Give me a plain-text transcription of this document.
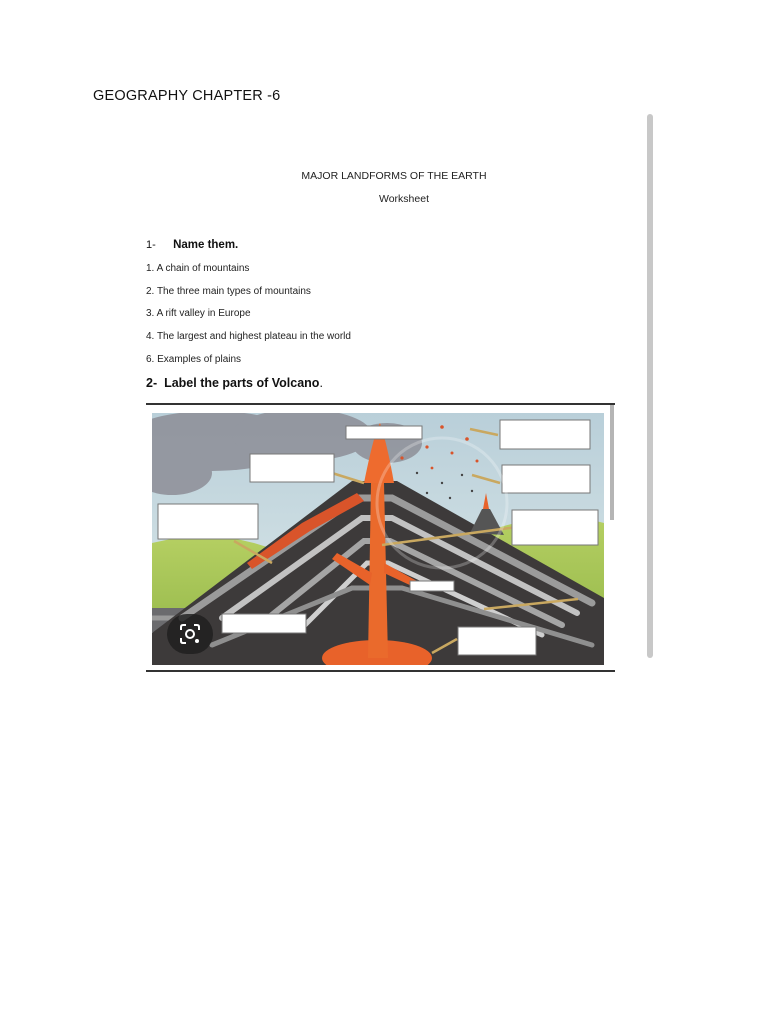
GEOGRAPHY CHAPTER -6
MAJOR LANDFORMS OF THE EARTH
Worksheet
1- Name them.
1. A chain of mountains
2. The three main types of mountains
3. A rift valley in Europe
4. The largest and highest plateau in the world
6. Examples of plains
2- Label the parts of Volcano.
